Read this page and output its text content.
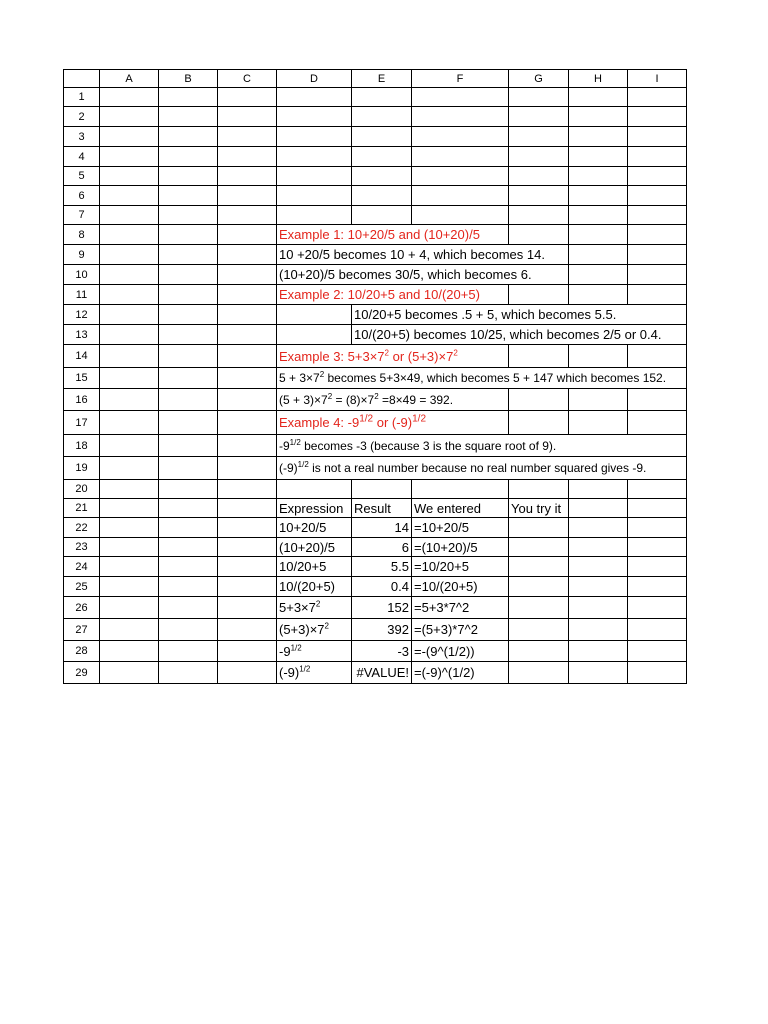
	A	B	C	D	E	F	G	H	I
1									
2									
3									
4									
5									
6									
7									
8				Example 1: 10+20/5 and (10+20)/5					
9				10 +20/5 becomes 10 + 4, which becomes 14.					
10				(10+20)/5 becomes 30/5, which becomes 6.					
11				Example 2: 10/20+5 and 10/(20+5)					
12					10/20+5 becomes .5 + 5, which becomes 5.5.				
13					10/(20+5) becomes 10/25, which becomes 2/5 or 0.4.				
14				Example 3: $5+3\times 7^2$ or $(5+3)\times 7^2$			
15				$5 + 3\times 7^2$ becomes 5+3×49, which becomes 5 + 147 which becomes 152.					
16				$(5 + 3)\times 7^2 = (8)\times 7^2 =8\times 49 = 392$.					
17				Example 4: $-9^{1/2}$ or $(-9)^{1/2}$			
18				$-9^{1/2}$ becomes -3 (because 3 is the square root of 9).					
19				$(-9)^{1/2}$ is not a real number because no real number squared gives -9.					
20									
21				Expression	Result	We entered	You try it		
22				10+20/5	14	=10+20/5			
23				(10+20)/5	6	=(10+20)/5			
24				10/20+5	5.5	=10/20+5			
25				10/(20+5)	0.4	=10/(20+5)			
26				$5+3\times 7^2$	152	=5+3*7^2			
27				$(5+3)\times 7^2$	392	=(5+3)*7^2			
28				$-9^{1/2}$	-3	=-(9^(1/2))			
29				$(-9)^{1/2}$	#VALUE!	=(-9)^(1/2)			
